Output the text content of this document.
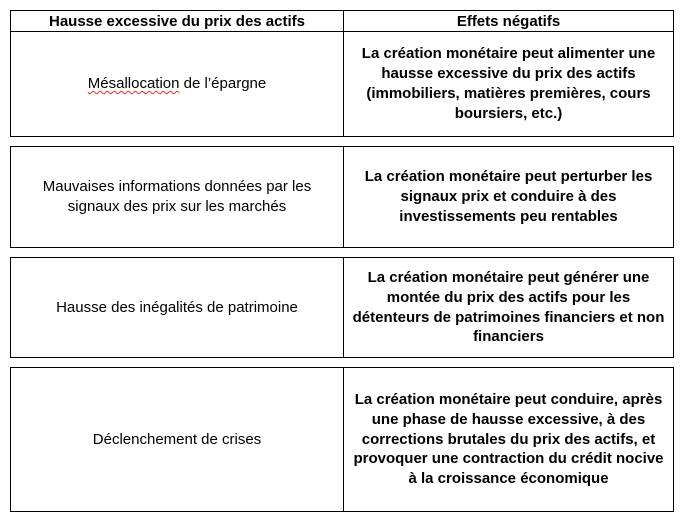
Hausse excessive du prix des actifs	Effets négatifs
Mésallocation de l’épargne
La création monétaire peut alimenter une hausse excessive du prix des actifs (immobiliers, matières premières, cours boursiers, etc.)
Mauvaises informations données par les signaux des prix sur les marchés
La création monétaire peut perturber les signaux prix et conduire à des investissements peu rentables
Hausse des inégalités de patrimoine
La création monétaire peut générer une montée du prix des actifs pour les détenteurs de patrimoines financiers et non financiers
Déclenchement de crises
La création monétaire peut conduire, après une phase de hausse excessive, à des corrections brutales du prix des actifs, et provoquer une contraction du crédit nocive à la croissance économique
